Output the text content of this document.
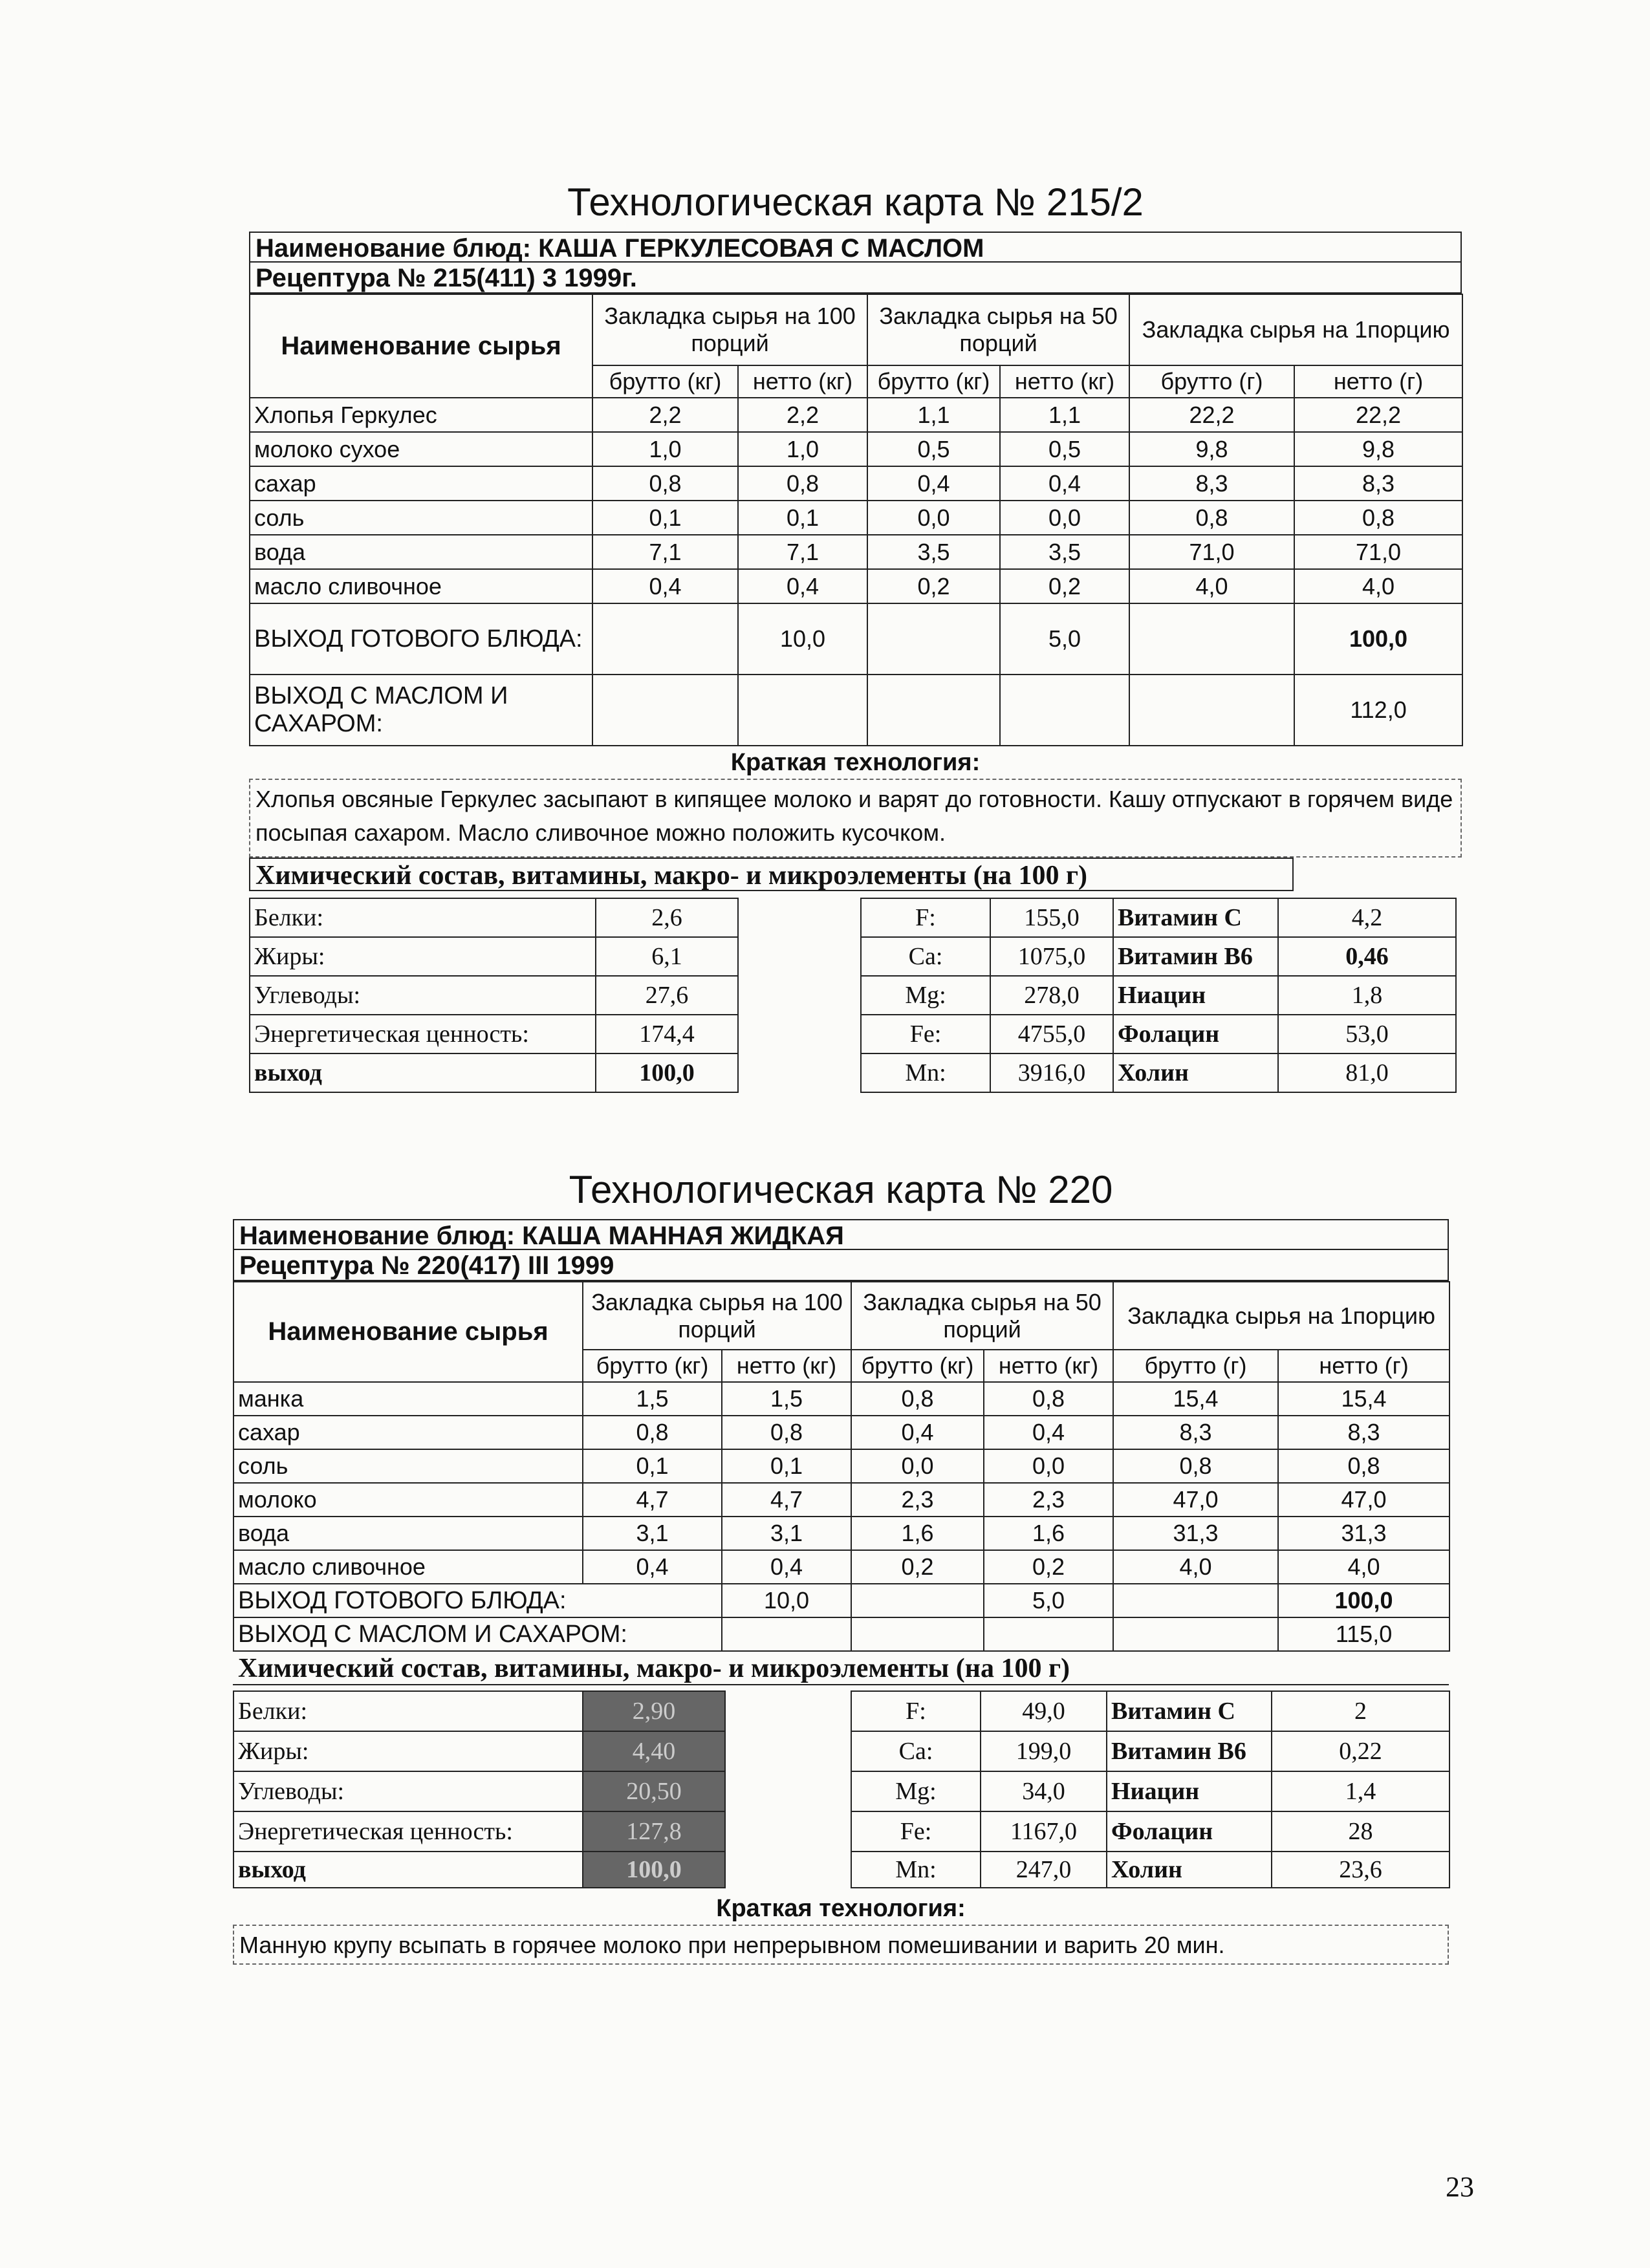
Технологическая карта № 215/2
Наименование блюд: КАША ГЕРКУЛЕСОВАЯ С МАСЛОМ
Рецептура № 215(411) 3 1999г.
Наименование сырья	Закладка сырья на 100 порций		Закладка сырья на 50 порций		Закладка сырья на 1порцию	
	брутто (кг)	нетто (кг)	брутто (кг)	нетто (кг)	брутто (г)	нетто (г)
Хлопья Геркулес	2,2	2,2	1,1	1,1	22,2	22,2
молоко сухое	1,0	1,0	0,5	0,5	9,8	9,8
сахар	0,8	0,8	0,4	0,4	8,3	8,3
соль	0,1	0,1	0,0	0,0	0,8	0,8
вода	7,1	7,1	3,5	3,5	71,0	71,0
масло сливочное	0,4	0,4	0,2	0,2	4,0	4,0
ВЫХОД ГОТОВОГО БЛЮДА:		10,0		5,0		100,0
ВЫХОД С МАСЛОМ И САХАРОМ:						112,0
Краткая технология:
Хлопья овсяные Геркулес засыпают в кипящее молоко и варят до готовности. Кашу отпускают в горячем виде посыпая сахаром. Масло сливочное можно положить кусочком.
Химический состав, витамины, макро- и микроэлементы (на 100 г)
Белки:	2,6
Жиры:	6,1
Углеводы:	27,6
Энергетическая ценность:	174,4
выход	100,0
F:	155,0	Витамин С	4,2
Ca:	1075,0	Витамин В6	0,46
Mg:	278,0	Ниацин	1,8
Fe:	4755,0	Фолацин	53,0
Mn:	3916,0	Холин	81,0
Технологическая карта № 220
Наименование блюд: КАША МАННАЯ ЖИДКАЯ
Рецептура № 220(417) III 1999
Наименование сырья	Закладка сырья на 100 порций		Закладка сырья на 50 порций		Закладка сырья на 1порцию	
	брутто (кг)	нетто (кг)	брутто (кг)	нетто (кг)	брутто (г)	нетто (г)
манка	1,5	1,5	0,8	0,8	15,4	15,4
сахар	0,8	0,8	0,4	0,4	8,3	8,3
соль	0,1	0,1	0,0	0,0	0,8	0,8
молоко	4,7	4,7	2,3	2,3	47,0	47,0
вода	3,1	3,1	1,6	1,6	31,3	31,3
масло сливочное	0,4	0,4	0,2	0,2	4,0	4,0
ВЫХОД ГОТОВОГО БЛЮДА:		10,0		5,0		100,0
ВЫХОД С МАСЛОМ И САХАРОМ:						115,0
Химический состав, витамины, макро- и микроэлементы (на 100 г)
Белки:	2,90
Жиры:	4,40
Углеводы:	20,50
Энергетическая ценность:	127,8
выход	100,0
F:	49,0	Витамин С	2
Ca:	199,0	Витамин В6	0,22
Mg:	34,0	Ниацин	1,4
Fe:	1167,0	Фолацин	28
Mn:	247,0	Холин	23,6
Краткая технология:
Манную крупу всыпать в горячее молоко при непрерывном помешивании и варить 20 мин.
23
